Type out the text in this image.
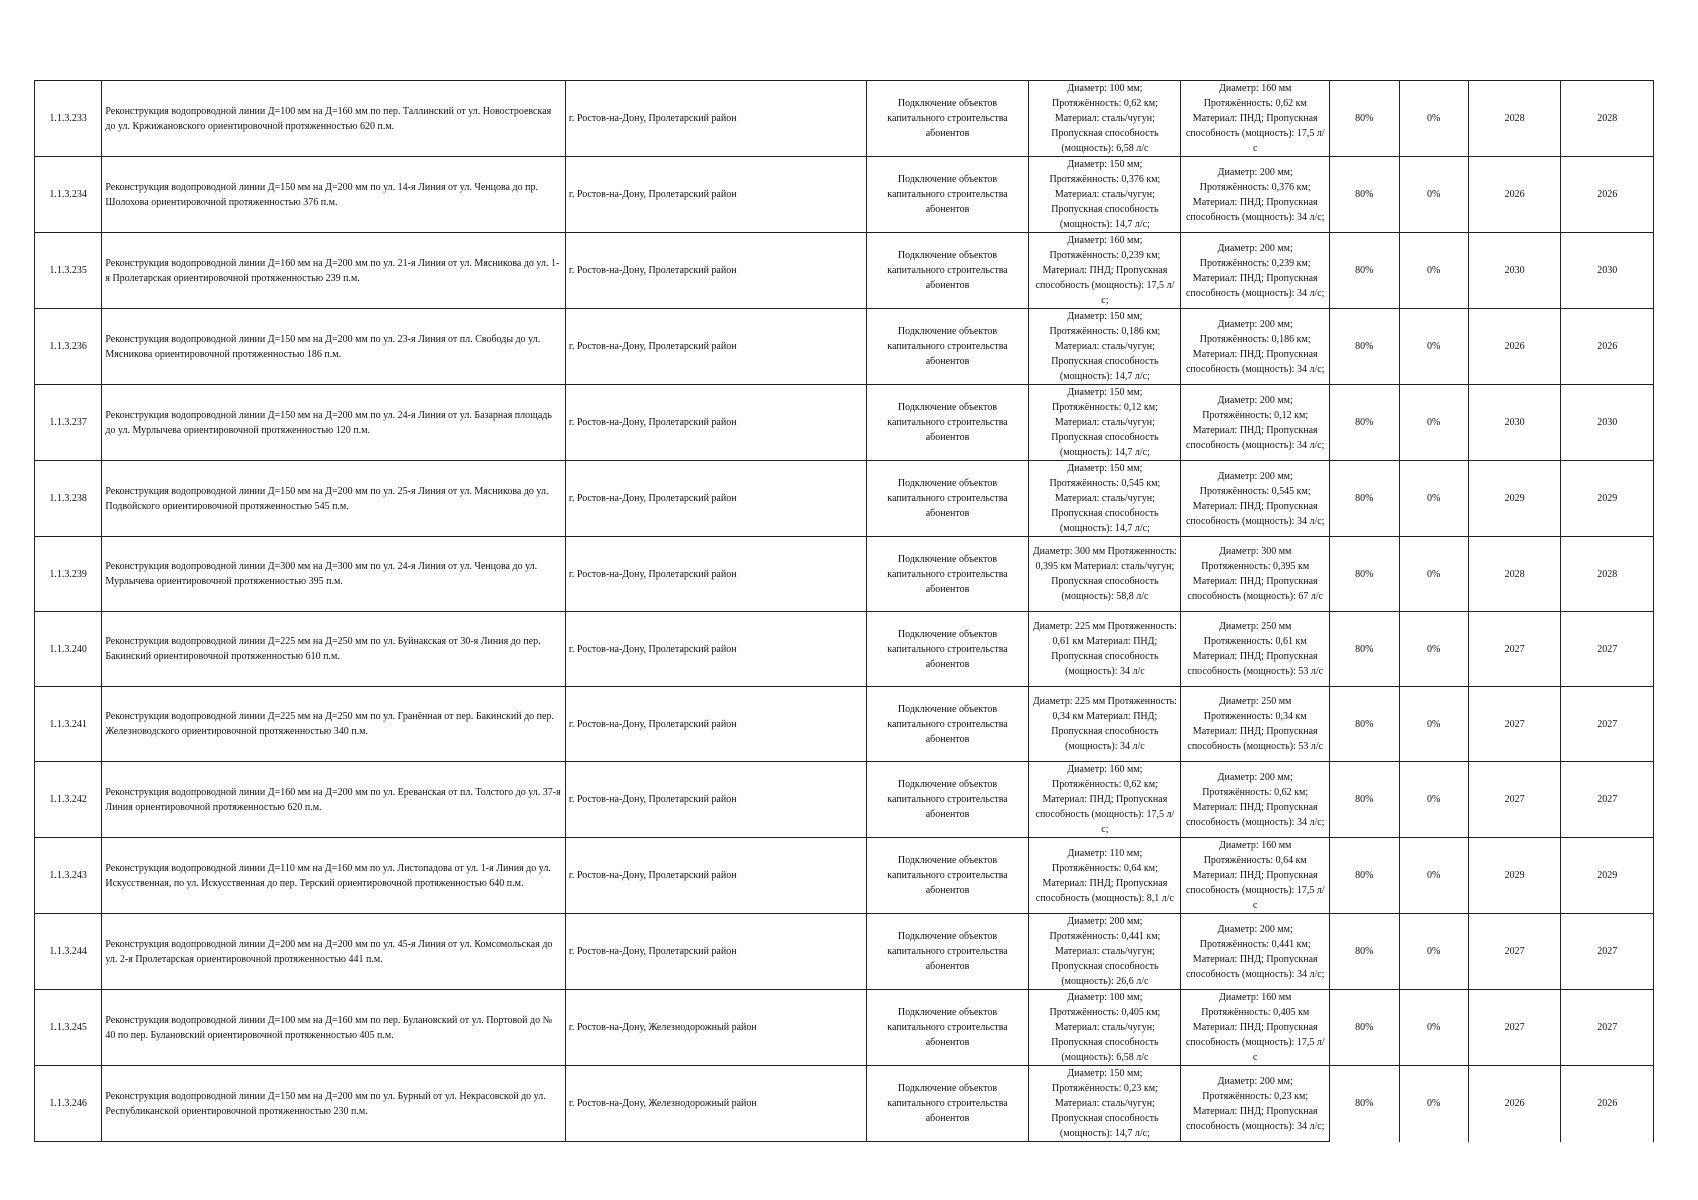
1.1.3.233	Реконструкция водопроводной линии Д=100 мм на Д=160 мм по пер. Таллинский от ул. Новостроевская до ул. Кржижановского ориентировочной протяженностью 620 п.м.	г. Ростов-на-Дону, Пролетарский район	Подключение объектов капитального строительства абонентов	Диаметр: 100 мм; Протяжённость: 0,62 км; Материал: сталь/чугун; Пропускная способность (мощность): 6,58 л/с	Диаметр: 160 мм Протяжённость: 0,62 км Материал: ПНД; Пропускная способность (мощность): 17,5 л/с	80%	0%	2028	2028
1.1.3.234	Реконструкция водопроводной линии Д=150 мм на Д=200 мм по ул. 14-я Линия от ул. Ченцова до пр. Шолохова ориентировочной протяженностью 376 п.м.	г. Ростов-на-Дону, Пролетарский район	Подключение объектов капитального строительства абонентов	Диаметр: 150 мм; Протяжённость: 0,376 км; Материал: сталь/чугун; Пропускная способность (мощность): 14,7 л/с;	Диаметр: 200 мм; Протяжённость: 0,376 км; Материал: ПНД; Пропускная способность (мощность): 34 л/с;	80%	0%	2026	2026
1.1.3.235	Реконструкция водопроводной линии Д=160 мм на Д=200 мм по ул. 21-я Линия от ул. Мясникова до ул. 1-я Пролетарская ориентировочной протяженностью 239 п.м.	г. Ростов-на-Дону, Пролетарский район	Подключение объектов капитального строительства абонентов	Диаметр: 160 мм; Протяжённость: 0,239 км; Материал: ПНД; Пропускная способность (мощность): 17,5 л/с;	Диаметр: 200 мм; Протяжённость: 0,239 км; Материал: ПНД; Пропускная способность (мощность): 34 л/с;	80%	0%	2030	2030
1.1.3.236	Реконструкция водопроводной линии Д=150 мм на Д=200 мм по ул. 23-я Линия от пл. Свободы до ул. Мясникова ориентировочной протяженностью 186 п.м.	г. Ростов-на-Дону, Пролетарский район	Подключение объектов капитального строительства абонентов	Диаметр: 150 мм; Протяжённость: 0,186 км; Материал: сталь/чугун; Пропускная способность (мощность): 14,7 л/с;	Диаметр: 200 мм; Протяжённость: 0,186 км; Материал: ПНД; Пропускная способность (мощность): 34 л/с;	80%	0%	2026	2026
1.1.3.237	Реконструкция водопроводной линии Д=150 мм на Д=200 мм по ул. 24-я Линия от ул. Базарная площадь до ул. Мурлычева ориентировочной протяженностью 120 п.м.	г. Ростов-на-Дону, Пролетарский район	Подключение объектов капитального строительства абонентов	Диаметр: 150 мм; Протяжённость: 0,12 км; Материал: сталь/чугун; Пропускная способность (мощность): 14,7 л/с;	Диаметр: 200 мм; Протяжённость: 0,12 км; Материал: ПНД; Пропускная способность (мощность): 34 л/с;	80%	0%	2030	2030
1.1.3.238	Реконструкция водопроводной линии Д=150 мм на Д=200 мм по ул. 25-я Линия от ул. Мясникова до ул. Подвойского ориентировочной протяженностью 545 п.м.	г. Ростов-на-Дону, Пролетарский район	Подключение объектов капитального строительства абонентов	Диаметр: 150 мм; Протяжённость: 0,545 км; Материал: сталь/чугун; Пропускная способность (мощность): 14,7 л/с;	Диаметр: 200 мм; Протяжённость: 0,545 км; Материал: ПНД; Пропускная способность (мощность): 34 л/с;	80%	0%	2029	2029
1.1.3.239	Реконструкция водопроводной линии Д=300 мм на Д=300 мм по ул. 24-я Линия от ул. Ченцова до ул. Мурлычева ориентировочной протяженностью 395 п.м.	г. Ростов-на-Дону, Пролетарский район	Подключение объектов капитального строительства абонентов	Диаметр: 300 мм Протяженность: 0,395 км Материал: сталь/чугун; Пропускная способность (мощность): 58,8 л/с	Диаметр: 300 мм Протяженность: 0,395 км Материал: ПНД; Пропускная способность (мощность): 67 л/с	80%	0%	2028	2028
1.1.3.240	Реконструкция водопроводной линии Д=225 мм на Д=250 мм по ул. Буйнакская от 30-я Линия до пер. Бакинский ориентировочной протяженностью 610 п.м.	г. Ростов-на-Дону, Пролетарский район	Подключение объектов капитального строительства абонентов	Диаметр: 225 мм Протяженность: 0,61 км Материал: ПНД; Пропускная способность (мощность): 34 л/с	Диаметр: 250 мм Протяженность: 0,61 км Материал: ПНД; Пропускная способность (мощность): 53 л/с	80%	0%	2027	2027
1.1.3.241	Реконструкция водопроводной линии Д=225 мм на Д=250 мм по ул. Гранённая от пер. Бакинский до пер. Железноводского ориентировочной протяженностью 340 п.м.	г. Ростов-на-Дону, Пролетарский район	Подключение объектов капитального строительства абонентов	Диаметр: 225 мм Протяженность: 0,34 км Материал: ПНД; Пропускная способность (мощность): 34 л/с	Диаметр: 250 мм Протяженность: 0,34 км Материал: ПНД; Пропускная способность (мощность): 53 л/с	80%	0%	2027	2027
1.1.3.242	Реконструкция водопроводной линии Д=160 мм на Д=200 мм по ул. Ереванская от пл. Толстого до ул. 37-я Линия ориентировочной протяженностью 620 п.м.	г. Ростов-на-Дону, Пролетарский район	Подключение объектов капитального строительства абонентов	Диаметр: 160 мм; Протяжённость: 0,62 км; Материал: ПНД; Пропускная способность (мощность): 17,5 л/с;	Диаметр: 200 мм; Протяжённость: 0,62 км; Материал: ПНД; Пропускная способность (мощность): 34 л/с;	80%	0%	2027	2027
1.1.3.243	Реконструкция водопроводной линии Д=110 мм на Д=160 мм по ул. Листопадова от ул. 1-я Линия до ул. Искусственная, по ул. Искусственная до пер. Терский ориентировочной протяженностью 640 п.м.	г. Ростов-на-Дону, Пролетарский район	Подключение объектов капитального строительства абонентов	Диаметр: 110 мм; Протяжённость: 0,64 км; Материал: ПНД; Пропускная способность (мощность): 8,1 л/с	Диаметр: 160 мм Протяжённость: 0,64 км Материал: ПНД; Пропускная способность (мощность): 17,5 л/с	80%	0%	2029	2029
1.1.3.244	Реконструкция водопроводной линии Д=200 мм на Д=200 мм по ул. 45-я Линия от ул. Комсомольская до ул. 2-я Пролетарская ориентировочной протяженностью 441 п.м.	г. Ростов-на-Дону, Пролетарский район	Подключение объектов капитального строительства абонентов	Диаметр: 200 мм; Протяжённость: 0,441 км; Материал: сталь/чугун; Пропускная способность (мощность): 26,6 л/с	Диаметр: 200 мм; Протяжённость: 0,441 км; Материал: ПНД; Пропускная способность (мощность): 34 л/с;	80%	0%	2027	2027
1.1.3.245	Реконструкция водопроводной линии Д=100 мм на Д=160 мм по пер. Булановский от ул. Портовой до № 40 по пер. Булановский ориентировочной протяженностью 405 п.м.	г. Ростов-на-Дону, Железнодорожный район	Подключение объектов капитального строительства абонентов	Диаметр: 100 мм; Протяжённость: 0,405 км; Материал: сталь/чугун; Пропускная способность (мощность): 6,58 л/с	Диаметр: 160 мм Протяжённость: 0,405 км Материал: ПНД; Пропускная способность (мощность): 17,5 л/с	80%	0%	2027	2027
1.1.3.246	Реконструкция водопроводной линии Д=150 мм на Д=200 мм по ул. Бурный от ул. Некрасовской до ул. Республиканской ориентировочной протяженностью 230 п.м.	г. Ростов-на-Дону, Железнодорожный район	Подключение объектов капитального строительства абонентов	Диаметр: 150 мм; Протяжённость: 0,23 км; Материал: сталь/чугун; Пропускная способность (мощность): 14,7 л/с;	Диаметр: 200 мм; Протяжённость: 0,23 км; Материал: ПНД; Пропускная способность (мощность): 34 л/с;	80%	0%	2026	2026
